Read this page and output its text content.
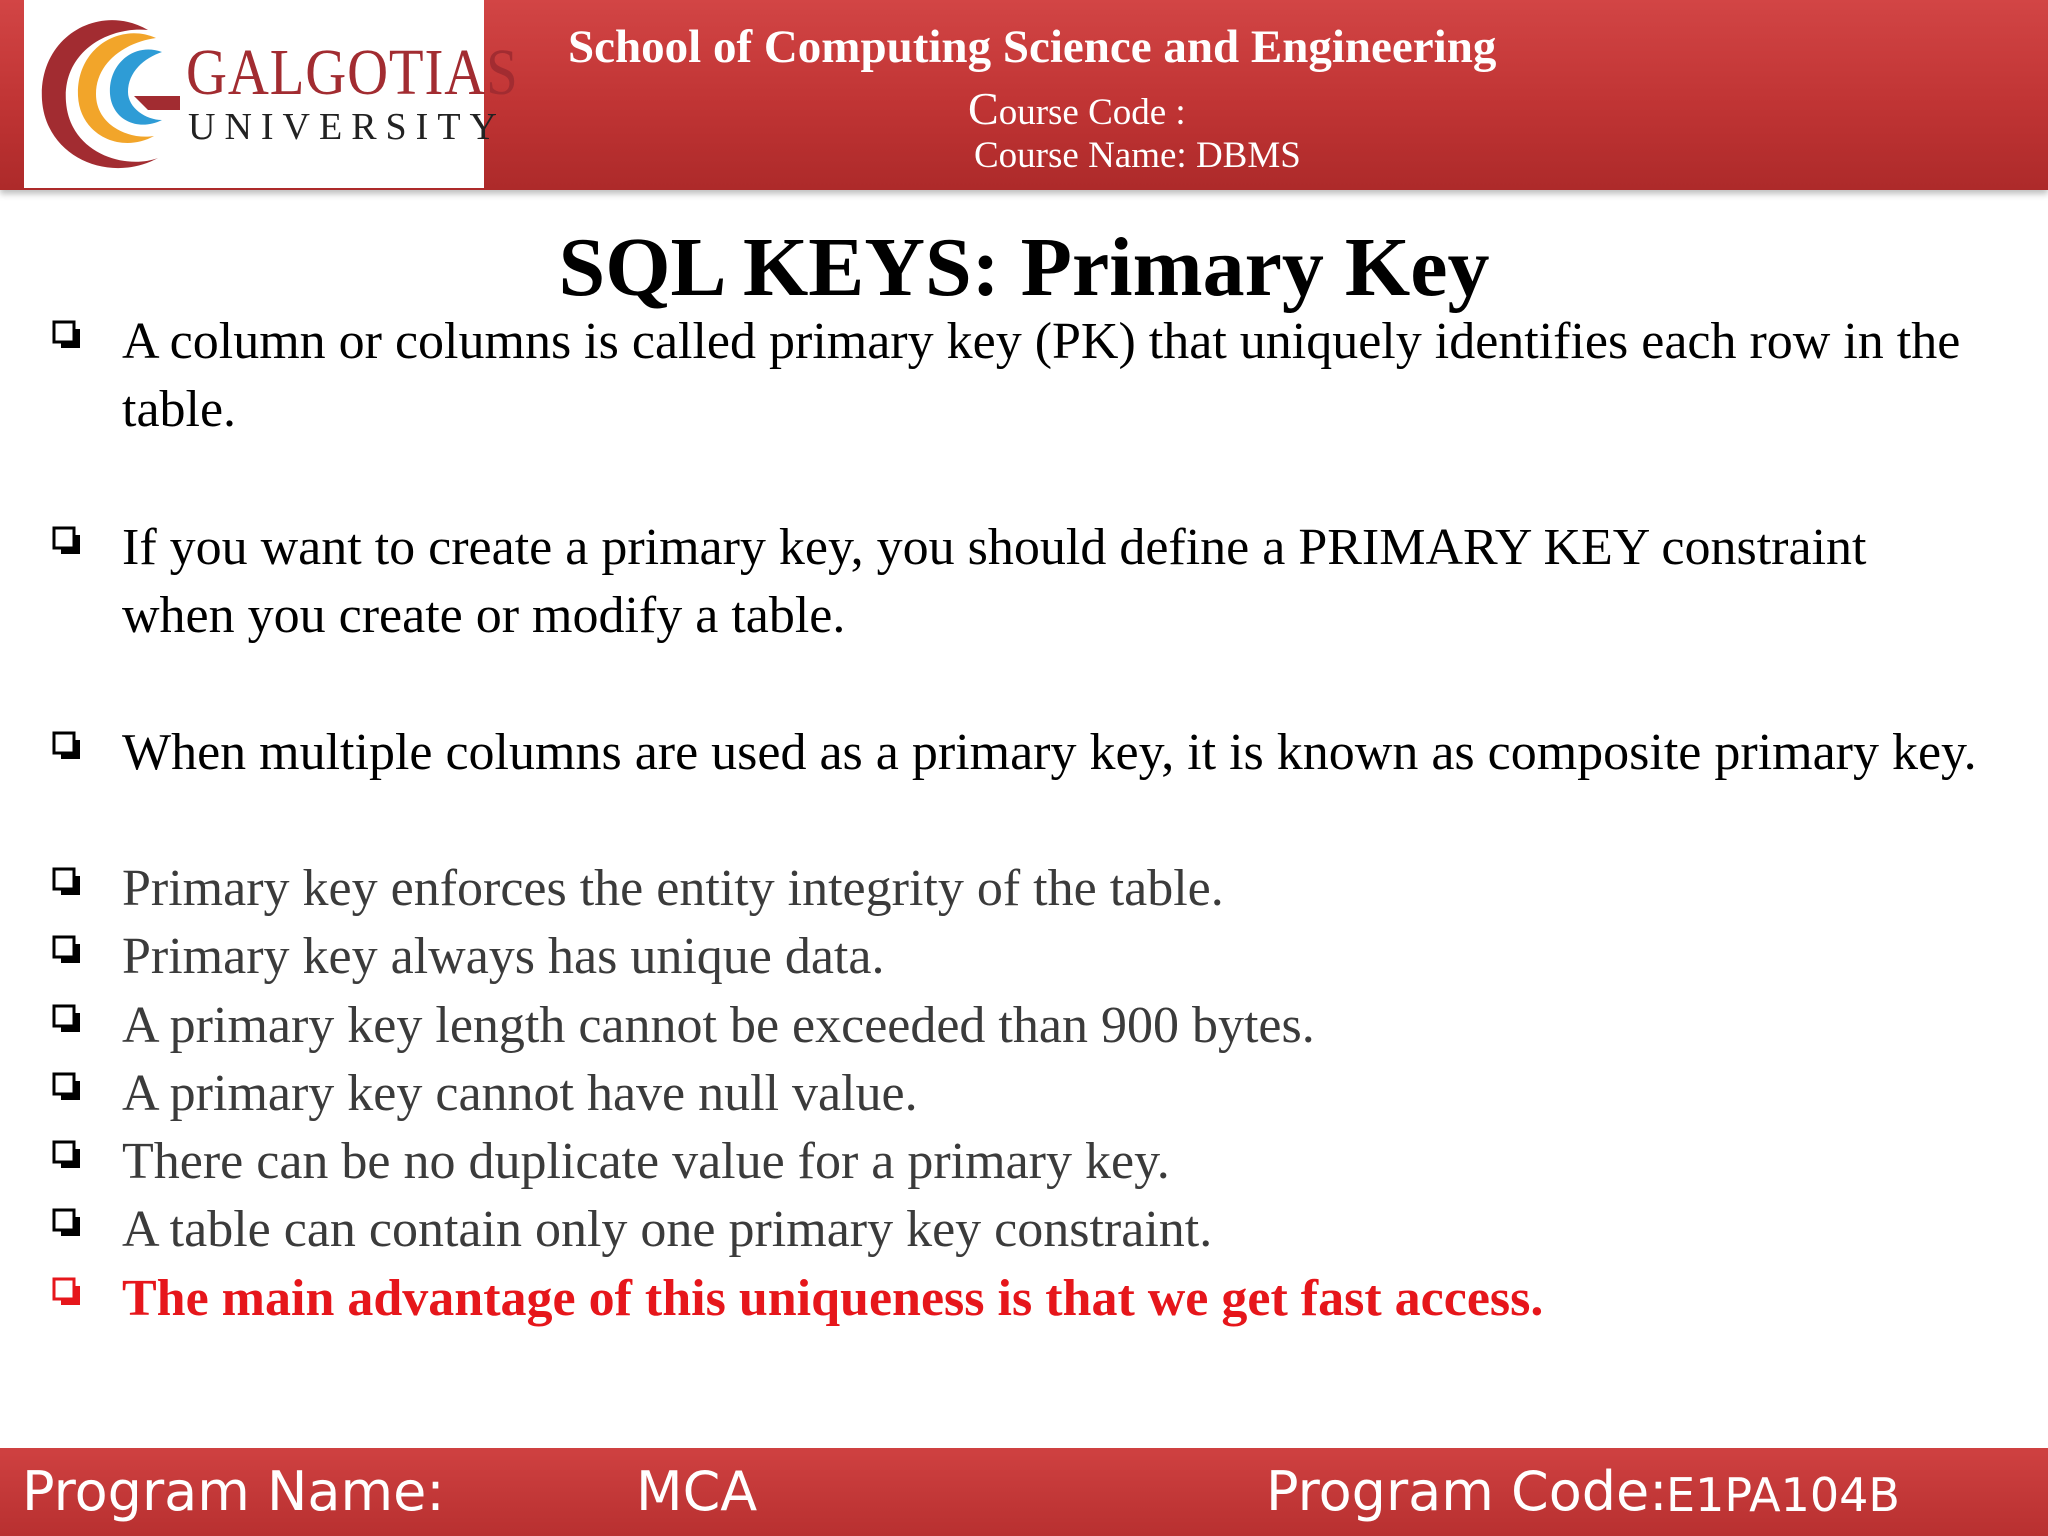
GALGOTIAS
UNIVERSITY
School of Computing Science and Engineering
Course Code :
Course Name: DBMS
SQL KEYS: Primary Key
A column or columns is called primary key (PK) that uniquely identifies each row in the table.
If you want to create a primary key, you should define a PRIMARY KEY constraint when you create or modify a table.
When multiple columns are used as a primary key, it is known as composite primary key.
Primary key enforces the entity integrity of the table.
Primary key always has unique data.
A primary key length cannot be exceeded than 900 bytes.
A primary key cannot have null value.
There can be no duplicate value for a primary key.
A table can contain only one primary key constraint.
The main advantage of this uniqueness is that we get fast access.
Program Name:	MCA	Program Code:
E1PA104B
